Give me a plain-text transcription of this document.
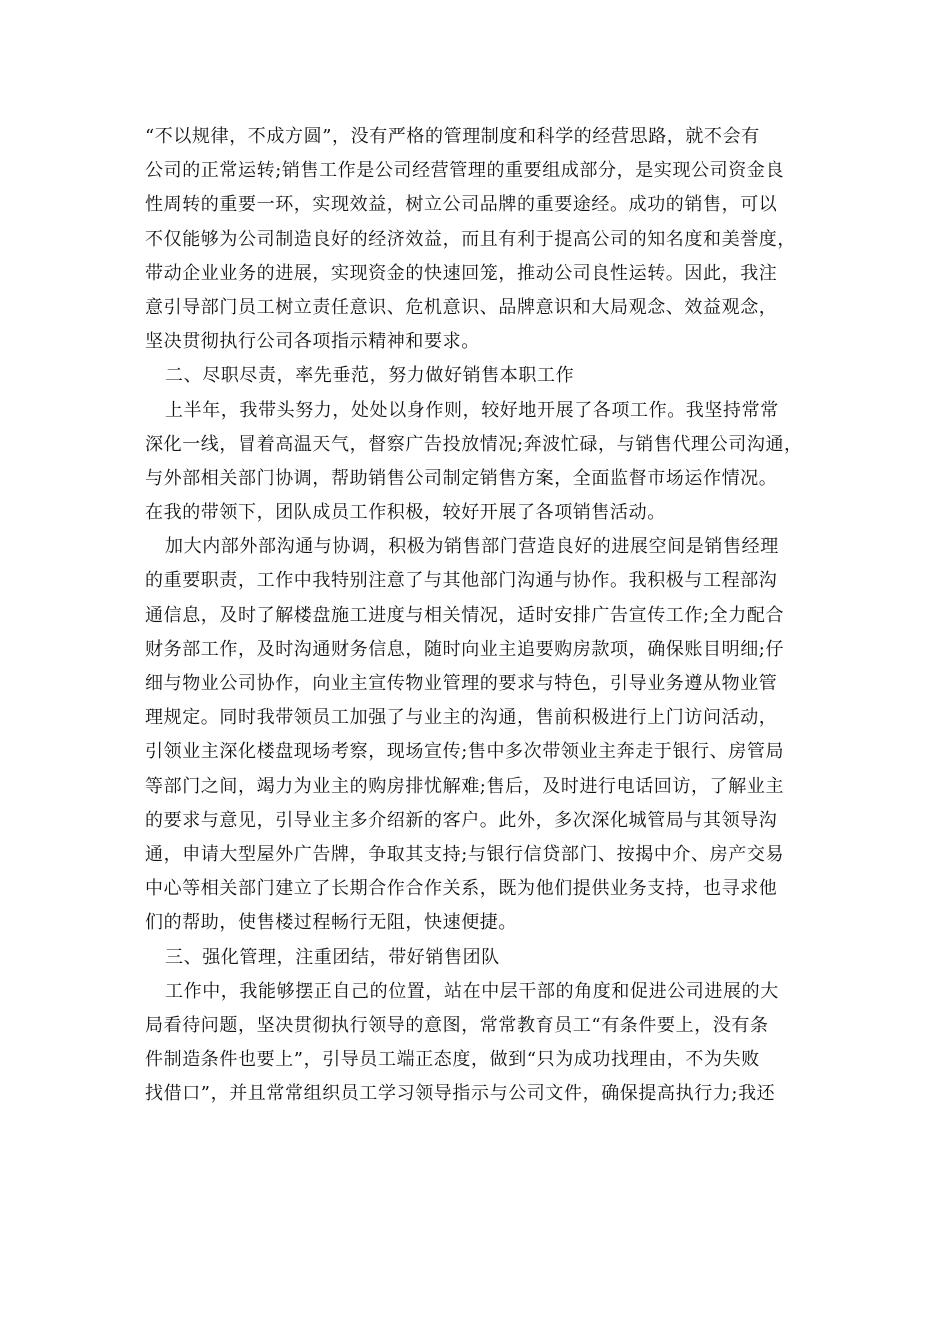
“不以规律，不成方圆”，没有严格的管理制度和科学的经营思路，就不会有
公司的正常运转;销售工作是公司经营管理的重要组成部分，是实现公司资金良
性周转的重要一环，实现效益，树立公司品牌的重要途经。成功的销售，可以
不仅能够为公司制造良好的经济效益，而且有利于提高公司的知名度和美誉度，
带动企业业务的进展，实现资金的快速回笼，推动公司良性运转。因此，我注
意引导部门员工树立责任意识、危机意识、品牌意识和大局观念、效益观念，
坚决贯彻执行公司各项指示精神和要求。
二、尽职尽责，率先垂范，努力做好销售本职工作
上半年，我带头努力，处处以身作则，较好地开展了各项工作。我坚持常常
深化一线，冒着高温天气，督察广告投放情况;奔波忙碌，与销售代理公司沟通，
与外部相关部门协调，帮助销售公司制定销售方案，全面监督市场运作情况。
在我的带领下，团队成员工作积极，较好开展了各项销售活动。
加大内部外部沟通与协调，积极为销售部门营造良好的进展空间是销售经理
的重要职责，工作中我特别注意了与其他部门沟通与协作。我积极与工程部沟
通信息，及时了解楼盘施工进度与相关情况，适时安排广告宣传工作;全力配合
财务部工作，及时沟通财务信息，随时向业主追要购房款项，确保账目明细;仔
细与物业公司协作，向业主宣传物业管理的要求与特色，引导业务遵从物业管
理规定。同时我带领员工加强了与业主的沟通，售前积极进行上门访问活动，
引领业主深化楼盘现场考察，现场宣传;售中多次带领业主奔走于银行、房管局
等部门之间，竭力为业主的购房排忧解难;售后，及时进行电话回访，了解业主
的要求与意见，引导业主多介绍新的客户。此外，多次深化城管局与其领导沟
通，申请大型屋外广告牌，争取其支持;与银行信贷部门、按揭中介、房产交易
中心等相关部门建立了长期合作合作关系，既为他们提供业务支持，也寻求他
们的帮助，使售楼过程畅行无阻，快速便捷。
三、强化管理，注重团结，带好销售团队
工作中，我能够摆正自己的位置，站在中层干部的角度和促进公司进展的大
局看待问题，坚决贯彻执行领导的意图，常常教育员工“有条件要上，没有条
件制造条件也要上”，引导员工端正态度，做到“只为成功找理由，不为失败
找借口”，并且常常组织员工学习领导指示与公司文件，确保提高执行力;我还
